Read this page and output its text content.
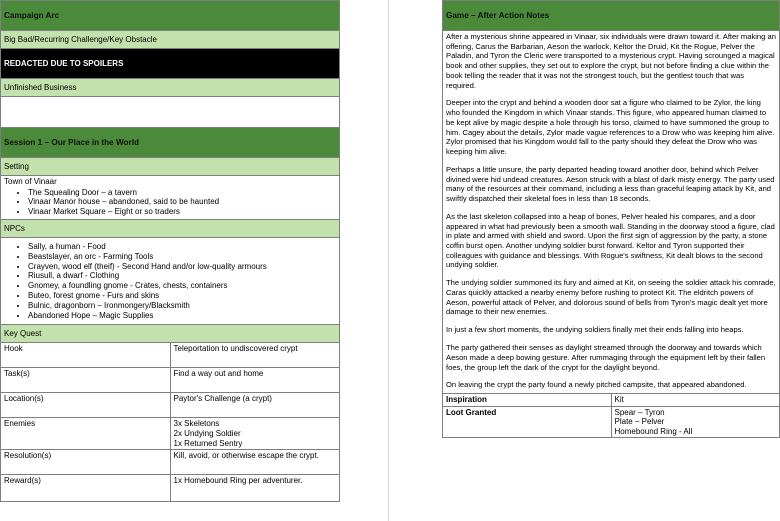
Campaign Arc
Big Bad/Recurring Challenge/Key Obstacle
REDACTED DUE TO SPOILERS
Unfinished Business

Session 1 – Our Place in the World
Setting

Town of Vinaar
• The Squealing Door – a tavern
• Vinaar Manor house – abandoned, said to be haunted
• Vinaar Market Square – Eight or so traders

NPCs

• Sally, a human - Food
• Beastslayer, an orc - Farming Tools
• Crayven, wood elf (theif) - Second Hand and/or low-quality armours
• Riusull, a dwarf - Clothing
• Gnomey, a foundling gnome - Crates, chests, containers
• Buteo, forest gnome - Furs and skins
• Bulnic, dragonborn – Ironmongery/Blacksmith
• Abandoned Hope – Magic Supplies

Key Quest
Hook	Teleportation to undiscovered crypt
Task(s)	Find a way out and home
Location(s)	Paytor's Challenge (a crypt)
Enemies	3x Skeletons
2x Undying Soldier
1x Returned Sentry

Resolution(s)	Kill, avoid, or otherwise escape the crypt.
Reward(s)	1x Homebound Ring per adventurer.
Game – After Action Notes

After a mysterious shrine appeared in Vinaar, six individuals were drawn toward it. After making an offering, Carus the Barbarian, Aeson the warlock, Keltor the Druid, Kit the Rogue, Pelver the Paladin, and Tyron the Cleric were transported to a mysterious crypt. Having scrounged a magical book and other supplies, they set out to explore the crypt, but not before finding a clue within the book telling the reader that it was not the strongest touch, but the gentlest touch that was required.

Deeper into the crypt and behind a wooden door sat a figure who claimed to be Zylor, the king who founded the Kingdom in which Vinaar stands. This figure, who appeared human claimed to be kept alive by magic despite a hole through his torso, claimed to have summoned the group to him. Cagey about the details, Zylor made vague references to a Drow who was keeping him alive. Zylor promised that his Kingdom would fall to the party should they defeat the Drow who was keeping him alive.

Perhaps a little unsure, the party departed heading toward another door, behind which Pelver divined were hid undead creatures. Aeson struck with a blast of dark misty energy. The party used many of the resources at their command, including a less than graceful leaping attack by Kit, and swiftly dispatched their skeletal foes in less than 18 seconds.

As the last skeleton collapsed into a heap of bones, Pelver healed his compares, and a door appeared in what had previously been a smooth wall. Standing in the doorway stood a figure, clad in plate and armed with shield and sword. Upon the first sign of aggression by the party, a stone coffin burst open. Another undying soldier burst forward. Keltor and Tyron supported their colleagues with guidance and blessings. With Rogue's swiftness, Kit dealt blows to the second undying soldier.

The undying soldier summoned its fury and aimed at Kit, on seeing the soldier attack his comrade, Caras quickly attacked a nearby enemy before rushing to protect Kit. The eldritch powers of Aeson, powerful attack of Pelver, and dolorous sound of bells from Tyron's magic dealt yet more damage to their new enemies.

In just a few short moments, the undying soldiers finally met their ends falling into heaps.

The party gathered their senses as daylight streamed through the doorway and towards which Aeson made a deep bowing gesture. After rummaging through the equipment left by their fallen foes, the group left the dark of the crypt for the daylight beyond.

On leaving the crypt the party found a newly pitched campsite, that appeared abandoned.

Inspiration	Kit
Loot Granted	Spear – Tyron
Plate – Pelver
Homebound Ring - All
